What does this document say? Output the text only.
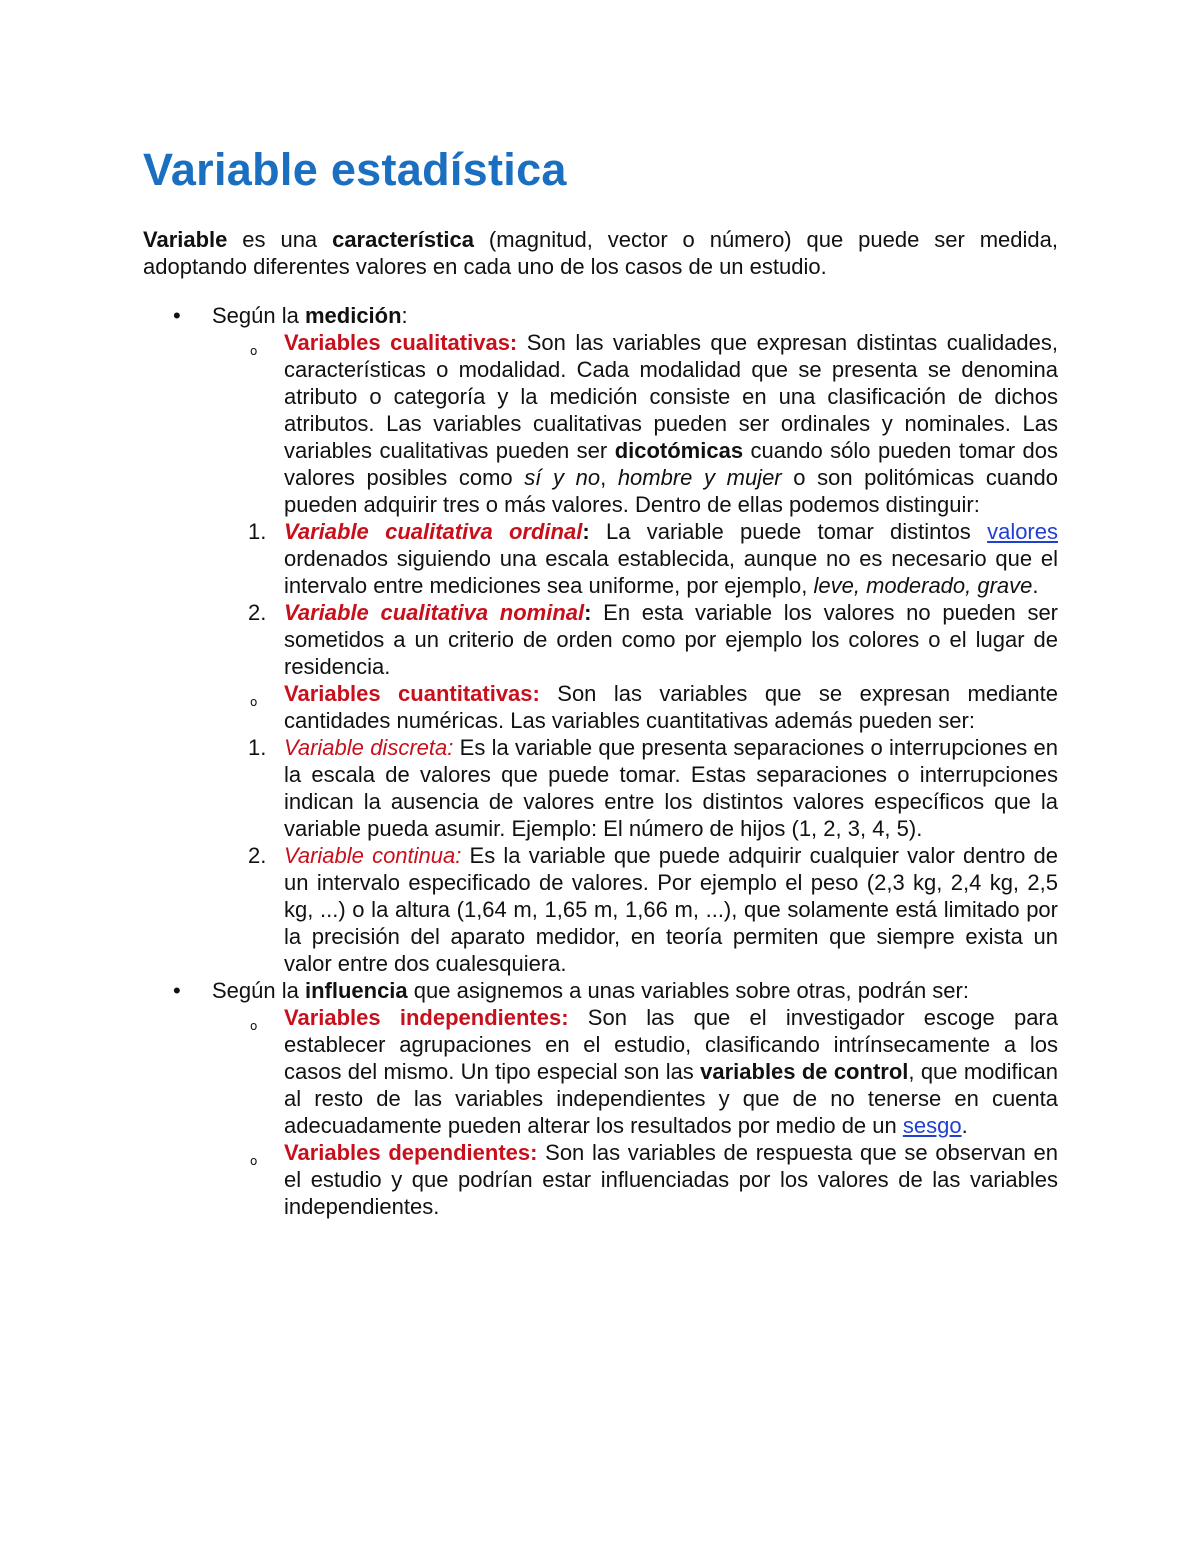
Variable estadística

Variable es una característica (magnitud, vector o número) que puede ser medida, adoptando diferentes valores en cada uno de los casos de un estudio.

• Según la medición:
o Variables cualitativas: Son las variables que expresan distintas cualidades, características o modalidad. Cada modalidad que se presenta se denomina atributo o categoría y la medición consiste en una clasificación de dichos atributos. Las variables cualitativas pueden ser ordinales y nominales. Las variables cualitativas pueden ser dicotómicas cuando sólo pueden tomar dos valores posibles como sí y no, hombre y mujer o son politómicas cuando pueden adquirir tres o más valores. Dentro de ellas podemos distinguir:
1. Variable cualitativa ordinal: La variable puede tomar distintos valores ordenados siguiendo una escala establecida, aunque no es necesario que el intervalo entre mediciones sea uniforme, por ejemplo, leve, moderado, grave.
2. Variable cualitativa nominal: En esta variable los valores no pueden ser sometidos a un criterio de orden como por ejemplo los colores o el lugar de residencia.
o Variables cuantitativas: Son las variables que se expresan mediante cantidades numéricas. Las variables cuantitativas además pueden ser:
1. Variable discreta: Es la variable que presenta separaciones o interrupciones en la escala de valores que puede tomar. Estas separaciones o interrupciones indican la ausencia de valores entre los distintos valores específicos que la variable pueda asumir. Ejemplo: El número de hijos (1, 2, 3, 4, 5).
2. Variable continua: Es la variable que puede adquirir cualquier valor dentro de un intervalo especificado de valores. Por ejemplo el peso (2,3 kg, 2,4 kg, 2,5 kg, ...) o la altura (1,64 m, 1,65 m, 1,66 m, ...), que solamente está limitado por la precisión del aparato medidor, en teoría permiten que siempre exista un valor entre dos cualesquiera.
• Según la influencia que asignemos a unas variables sobre otras, podrán ser:
o Variables independientes: Son las que el investigador escoge para establecer agrupaciones en el estudio, clasificando intrínsecamente a los casos del mismo. Un tipo especial son las variables de control, que modifican al resto de las variables independientes y que de no tenerse en cuenta adecuadamente pueden alterar los resultados por medio de un sesgo.
o Variables dependientes: Son las variables de respuesta que se observan en el estudio y que podrían estar influenciadas por los valores de las variables independientes.
